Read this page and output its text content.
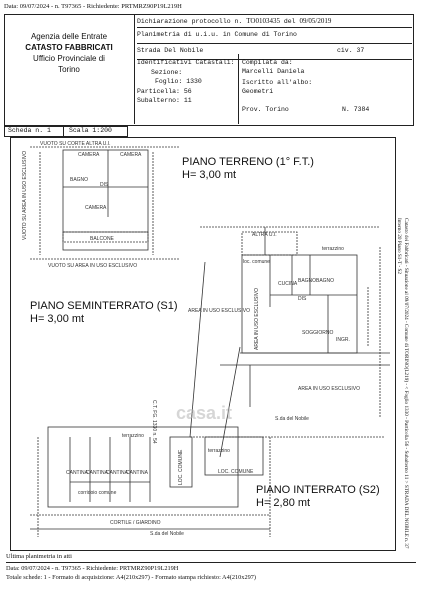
Data: 09/07/2024 - n. T97365 - Richiedente: PRTMRZ90P19L219H
Agenzia delle Entrate
CATASTO FABBRICATI
Ufficio Provinciale di
Torino
Dichiarazione protocollo n. TO0103435 del 09/05/2019
Planimetria di u.i.u. in Comune di Torino
Strada Del Nobile	civ. 37
Identificativi Catastali:
Sezione:
Foglio: 1330
Particella: 56
Subalterno: 11
Compilata da:
Marcelli Daniela
Iscritto all'albo:
Geometri
Prov. Torino	N. 7384
Scheda n. 1	Scala 1:200
VUOTO SU CORTE ALTRA U.I.
CAMERA	CAMERA
BAGNO
DIS
CAMERA
BALCONE
VUOTO SU AREA IN USO ESCLUSIVO
VUOTO SU AREA IN USO ESCLUSIVO	ALTRA U.I.
terrazzino
loc. comune
CUCINA BAGNO BAGNO
DIS
SOGGIORNO
INGR.
AREA IN USO ESCLUSIVO
AREA IN USO ESCLUSIVO
AREA IN USO ESCLUSIVO
C.T. FG. 1330 n. 54	S.da del Nobile
terrazzino
terrazzino
CANTINA
CANTINA
CANTINA
CANTINA
corridoio comune
LOC. COMUNE
LOC. COMUNE
CORTILE / GIARDINO
S.da del Nobile
PIANO TERRENO (1° F.T.)
H= 3,00 mt
PIANO SEMINTERRATO (S1)
H= 3,00 mt
PIANO INTERRATO (S2)
H= 2,80 mt
casa.it	Catasto dei Fabbricati - Situazione al 09/07/2024 - Comune di TORINO(L219) - < Foglio 1330 - Particella 56 - Subalterno 11 > STRADA DEL NOBILE n. 37 Interno 20 Piano S1-T - S2
Ultima planimetria in atti
Data: 09/07/2024 - n. T97365 - Richiedente: PRTMRZ90P19L219H
Totale schede: 1 - Formato di acquisizione: A4(210x297) - Formato stampa richiesto: A4(210x297)
